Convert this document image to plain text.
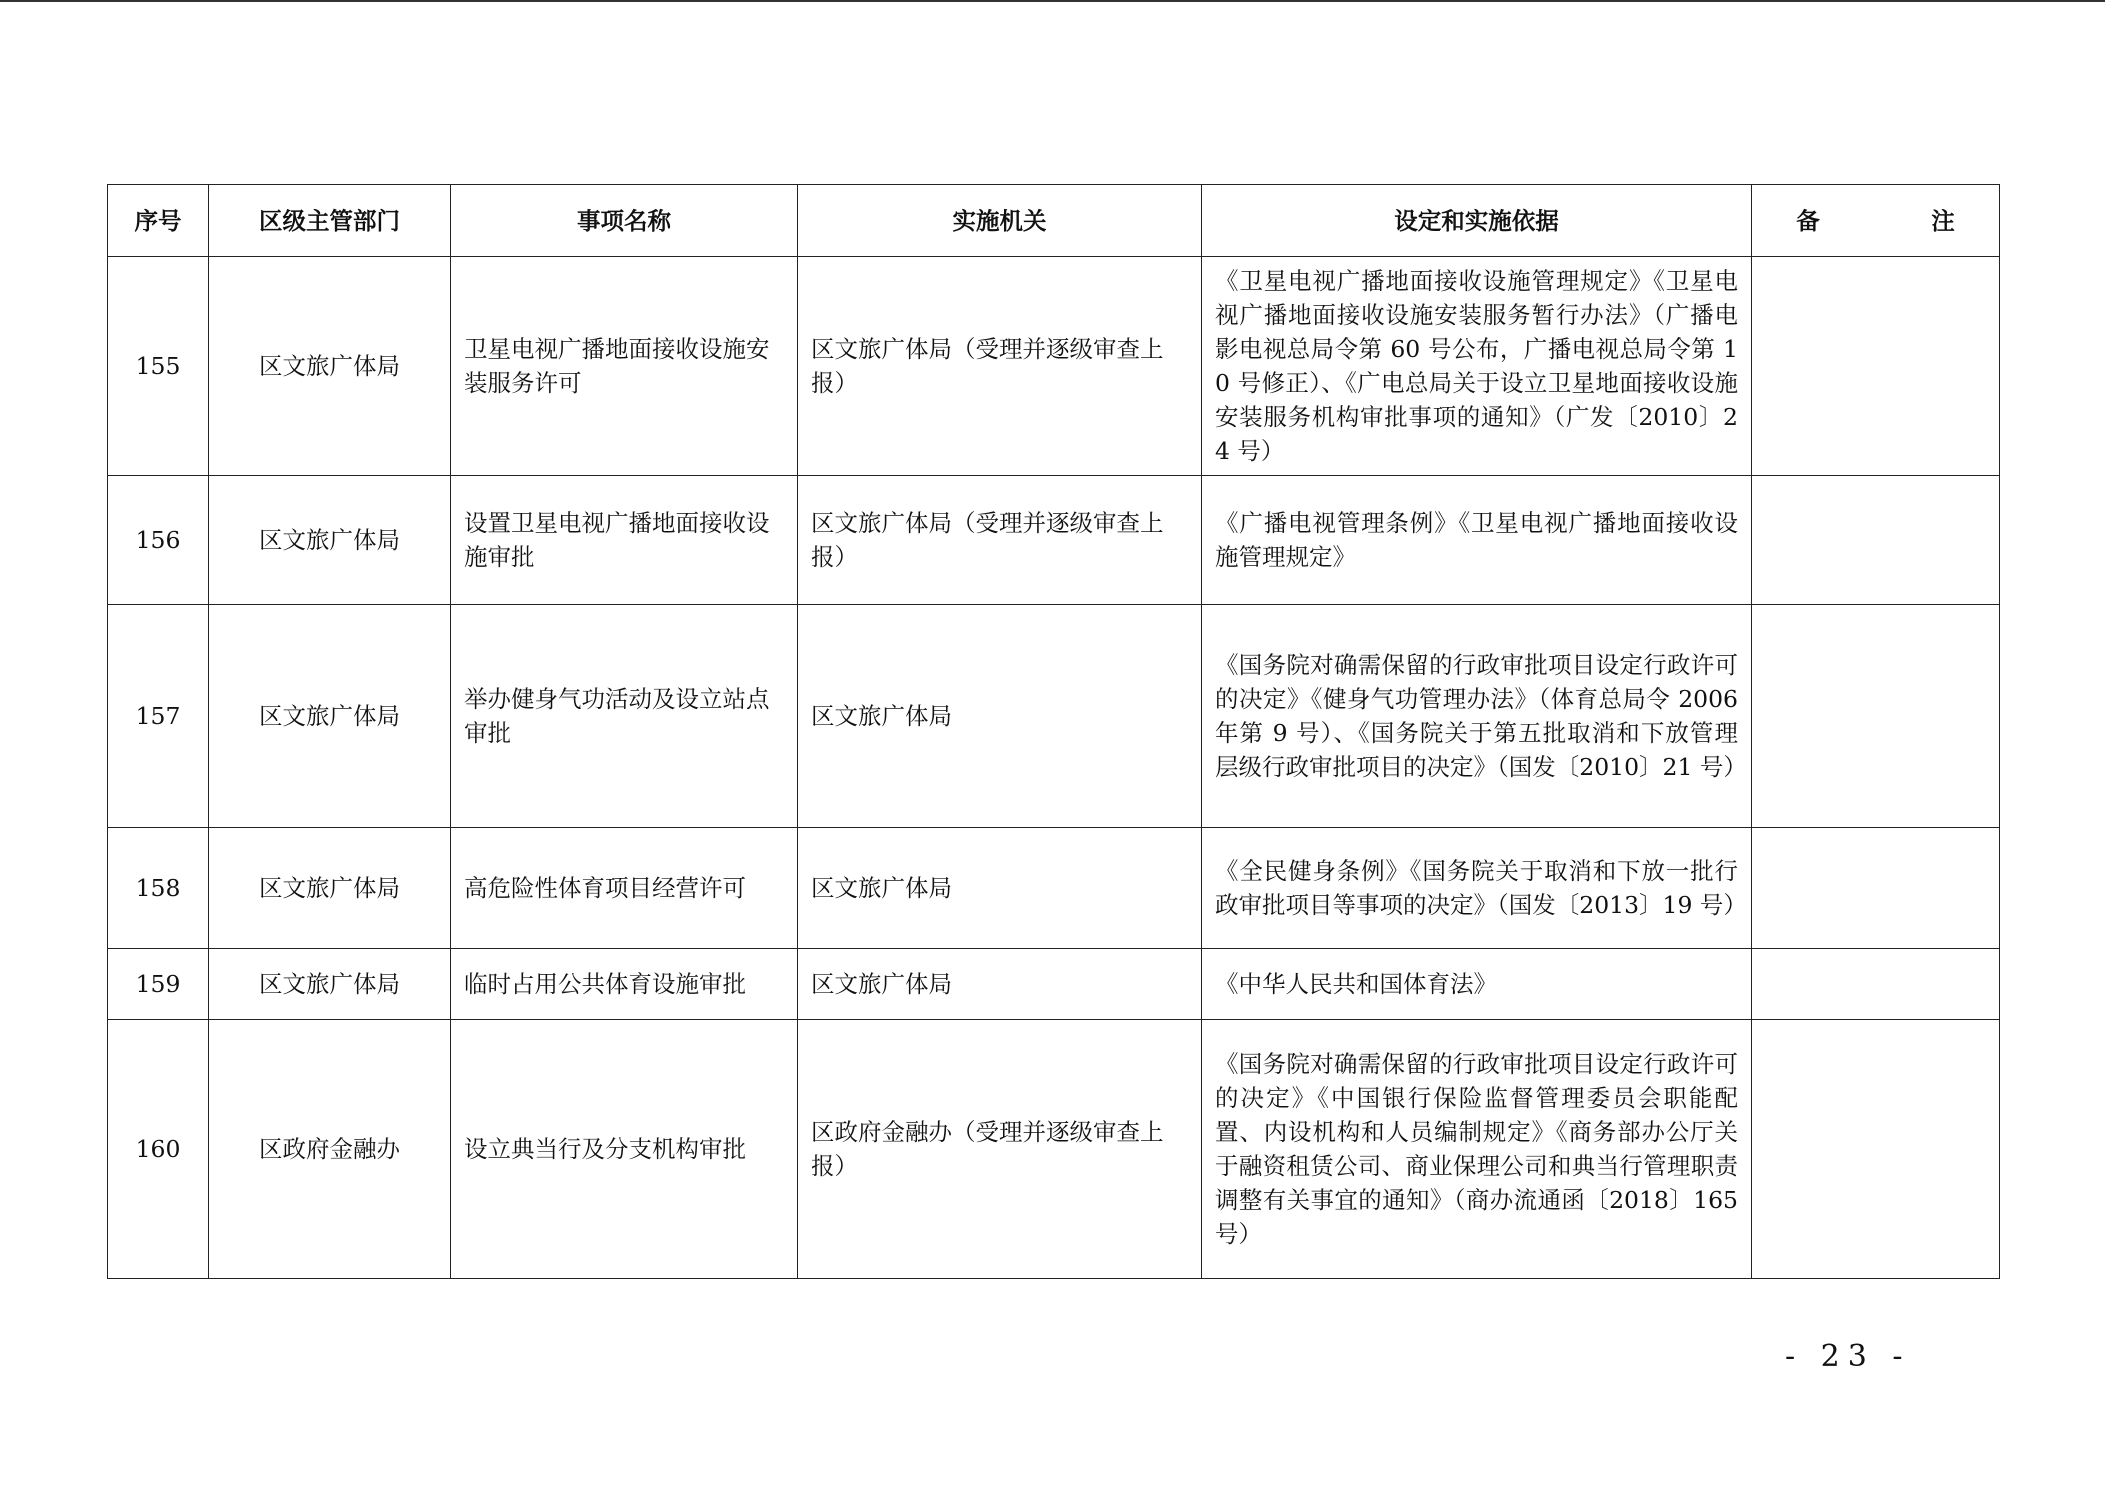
序号	区级主管部门	事项名称	实施机关	设定和实施依据	备　注
155	区文旅广体局	卫星电视广播地面接收设施安装服务许可	区文旅广体局（受理并逐级审查上报）	《卫星电视广播地面接收设施管理规定》《卫星电视广播地面接收设施安装服务暂行办法》（广播电影电视总局令第 60 号公布，广播电视总局令第 10 号修正）、《广电总局关于设立卫星地面接收设施安装服务机构审批事项的通知》（广发〔2010〕24 号）	
156	区文旅广体局	设置卫星电视广播地面接收设施审批	区文旅广体局（受理并逐级审查上报）	《广播电视管理条例》《卫星电视广播地面接收设施管理规定》	
157	区文旅广体局	举办健身气功活动及设立站点审批	区文旅广体局	《国务院对确需保留的行政审批项目设定行政许可的决定》《健身气功管理办法》（体育总局令 2006 年第 9 号）、《国务院关于第五批取消和下放管理层级行政审批项目的决定》（国发〔2010〕21 号）	
158	区文旅广体局	高危险性体育项目经营许可	区文旅广体局	《全民健身条例》《国务院关于取消和下放一批行政审批项目等事项的决定》（国发〔2013〕19 号）	
159	区文旅广体局	临时占用公共体育设施审批	区文旅广体局	《中华人民共和国体育法》	
160	区政府金融办	设立典当行及分支机构审批	区政府金融办（受理并逐级审查上报）	《国务院对确需保留的行政审批项目设定行政许可的决定》《中国银行保险监督管理委员会职能配置、内设机构和人员编制规定》《商务部办公厅关于融资租赁公司、商业保理公司和典当行管理职责调整有关事宜的通知》（商办流通函〔2018〕165 号）	
- 23 -
